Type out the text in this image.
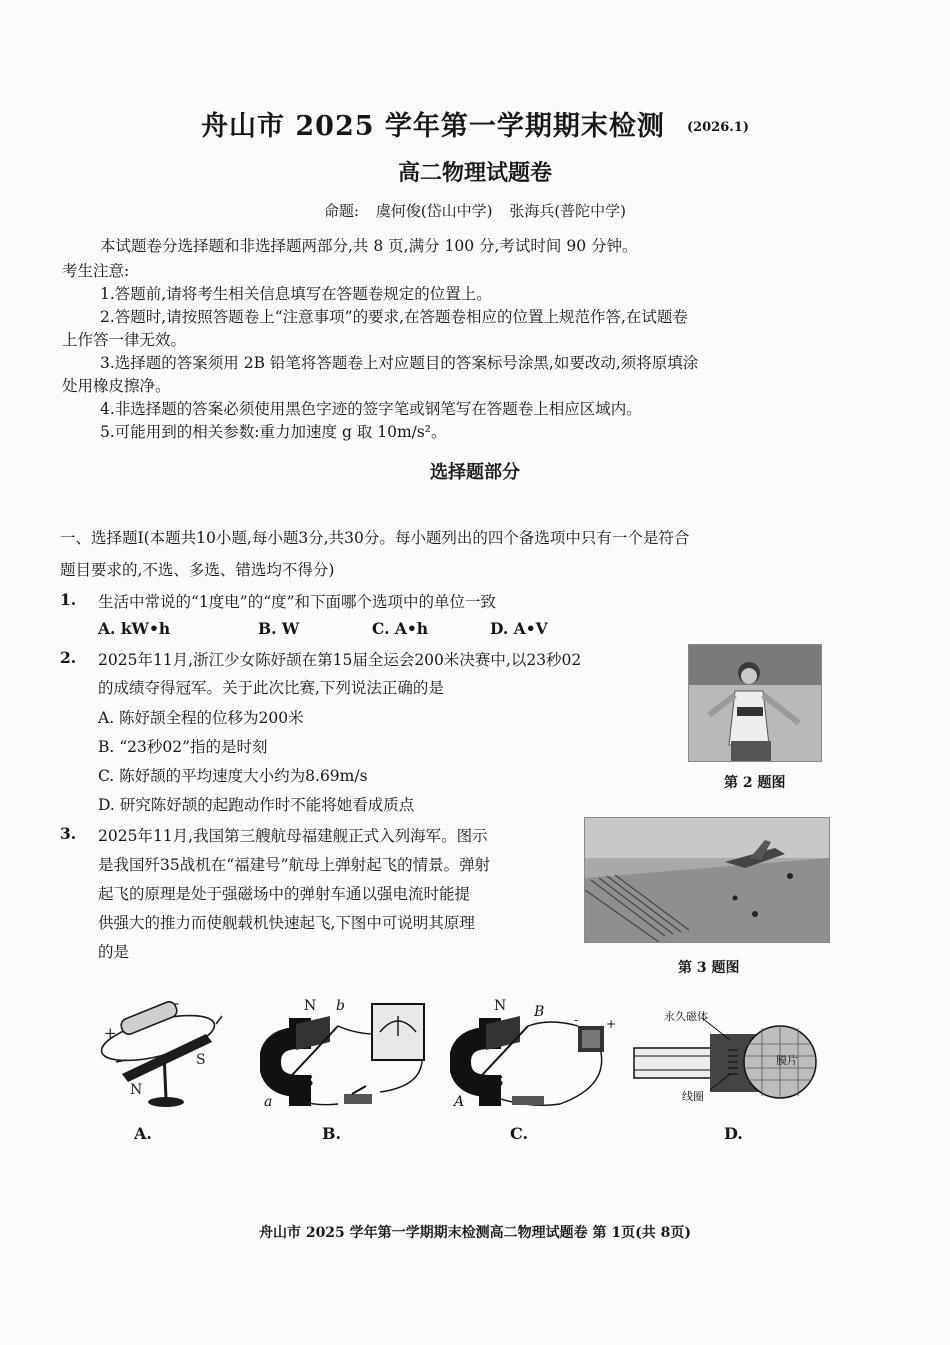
舟山市 2025 学年第一学期期末检测 (2026.1)
高二物理试题卷
命题: 虞何俊(岱山中学) 张海兵(普陀中学)
本试题卷分选择题和非选择题两部分,共 8 页,满分 100 分,考试时间 90 分钟。
考生注意:
1.答题前,请将考生相关信息填写在答题卷规定的位置上。
2.答题时,请按照答题卷上“注意事项”的要求,在答题卷相应的位置上规范作答,在试题卷
上作答一律无效。
3.选择题的答案须用 2B 铅笔将答题卷上对应题目的答案标号涂黑,如要改动,须将原填涂
处用橡皮擦净。
4.非选择题的答案必须使用黑色字迹的签字笔或钢笔写在答题卷上相应区域内。
5.可能用到的相关参数:重力加速度 g 取 10m/s²。
选择题部分
一、选择题I(本题共10小题,每小题3分,共30分。每小题列出的四个备选项中只有一个是符合
题目要求的,不选、多选、错选均不得分)
1. 生活中常说的“1度电”的“度”和下面哪个选项中的单位一致
A. kW•h	B. W	C. A•h	D. A•V
2. 2025年11月,浙江少女陈妤颉在第15届全运会200米决赛中,以23秒02
的成绩夺得冠军。关于此次比赛,下列说法正确的是
A. 陈妤颉全程的位移为200米
B. “23秒02”指的是时刻
C. 陈妤颉的平均速度大小约为8.69m/s
D. 研究陈妤颉的起跑动作时不能将她看成质点
第 2 题图
3. 2025年11月,我国第三艘航母福建舰正式入列海军。图示
是我国歼35战机在“福建号”航母上弹射起飞的情景。弹射
起飞的原理是处于强磁场中的弹射车通以强电流时能提
供强大的推力而使舰载机快速起飞,下图中可说明其原理
的是
第 3 题图
+
-
S
N
A.
N b
a
S
B.
N B
A
S
- +
C.
永久磁体
线圈
膜片
D.
舟山市 2025 学年第一学期期末检测高二物理试题卷 第 1页(共 8页)
